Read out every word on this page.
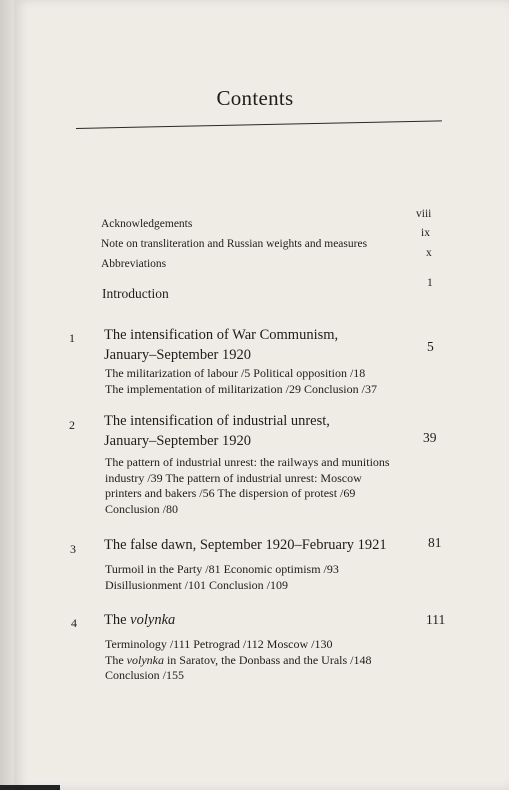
Contents
Acknowledgements
viii
Note on transliteration and Russian weights and measures
ix
Abbreviations
x
Introduction
1
1 The intensification of War Communism,
January–September 1920
5
The militarization of labour /5 Political opposition /18
The implementation of militarization /29 Conclusion /37
2 The intensification of industrial unrest,
January–September 1920	39
The pattern of industrial unrest: the railways and munitions
industry /39 The pattern of industrial unrest: Moscow
printers and bakers /56 The dispersion of protest /69
Conclusion /80
3 The false dawn, September 1920–February 1921	81
Turmoil in the Party /81 Economic optimism /93
Disillusionment /101 Conclusion /109
4 The volynka	111
Terminology /111 Petrograd /112 Moscow /130
The volynka in Saratov, the Donbass and the Urals /148
Conclusion /155
